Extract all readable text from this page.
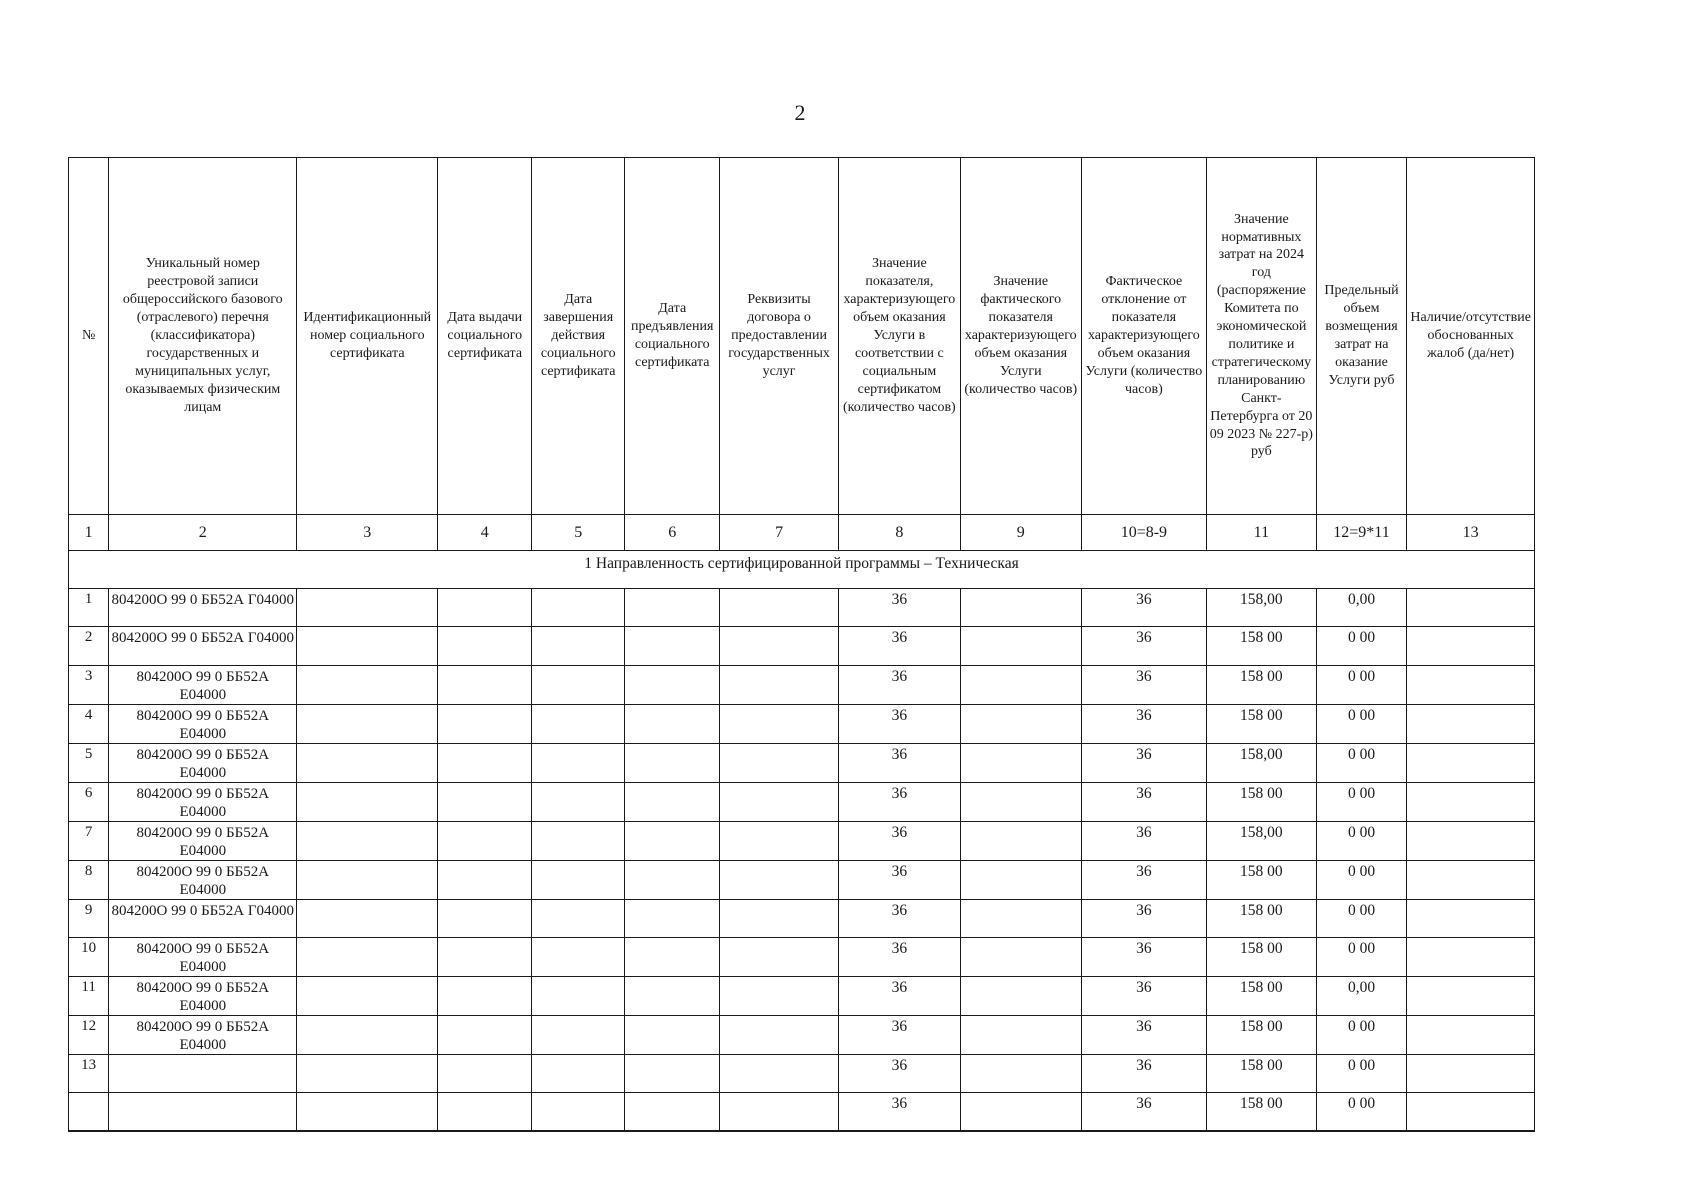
2
№	Уникальный номер реестровой записи общероссийского базового (отраслевого) перечня (классификатора) государственных и муниципальных услуг, оказываемых физическим лицам	Идентификационный номер социального сертификата	Дата выдачи социального сертификата	Дата завершения действия социального сертификата	Дата предъявления социального сертификата	Реквизиты договора о предоставлении государственных услуг	Значение показателя, характеризующего объем оказания Услуги в соответствии с социальным сертификатом (количество часов)	Значение фактического показателя характеризующего объем оказания Услуги (количество часов)	Фактическое отклонение от показателя характеризующего объем оказания Услуги (количество часов)	Значение нормативных затрат на 2024 год (распоряжение Комитета по экономической политике и стратегическому планированию Санкт-Петербурга от 20 09 2023 № 227-р) руб	Предельный объем возмещения затрат на оказание Услуги руб	Наличие/отсутствие обоснованных жалоб (да/нет)
1	2	3	4	5	6	7	8	9	10=8-9	11	12=9*11	13
1 Направленность сертифицированной программы – Техническая												
1	804200О 99 0 ББ52А Г04000						36		36	158,00	0,00	
2	804200О 99 0 ББ52А Г04000						36		36	158 00	0 00	
3	804200О 99 0 ББ52А Е04000						36		36	158 00	0 00	
4	804200О 99 0 ББ52А Е04000						36		36	158 00	0 00	
5	804200О 99 0 ББ52А Е04000						36		36	158,00	0 00	
6	804200О 99 0 ББ52А Е04000						36		36	158 00	0 00	
7	804200О 99 0 ББ52А Е04000						36		36	158,00	0 00	
8	804200О 99 0 ББ52А Е04000						36		36	158 00	0 00	
9	804200О 99 0 ББ52А Г04000						36		36	158 00	0 00	
10	804200О 99 0 ББ52А Е04000						36		36	158 00	0 00	
11	804200О 99 0 ББ52А Е04000						36		36	158 00	0,00	
12	804200О 99 0 ББ52А Е04000						36		36	158 00	0 00	
13							36		36	158 00	0 00	
							36		36	158 00	0 00	
